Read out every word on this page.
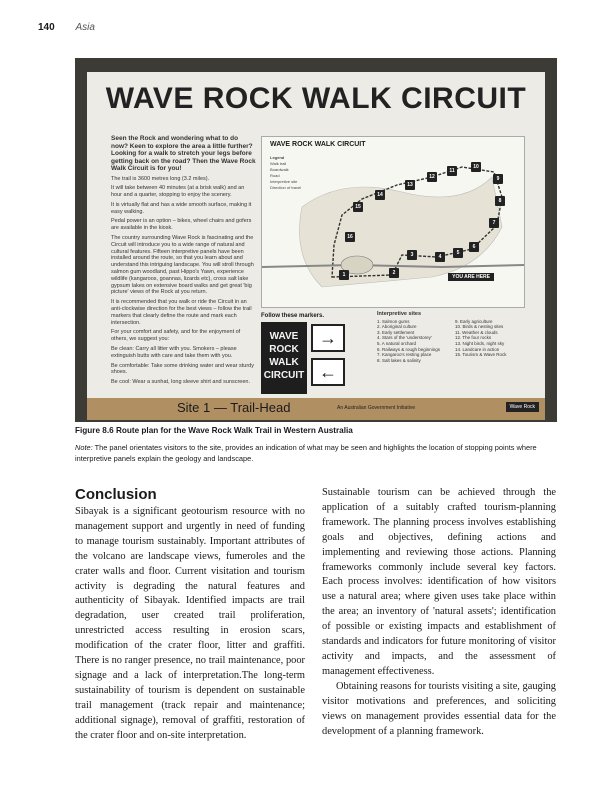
140 Asia
WAVE ROCK WALK CIRCUIT
Seen the Rock and wondering what to do now? Keen to explore the area a little further? Looking for a walk to stretch your legs before getting back on the road? Then the Wave Rock Walk Circuit is for you!

The trail is 3600 metres long (3.2 miles).

It will take between 40 minutes (at a brisk walk) and an hour and a quarter, stopping to enjoy the scenery.

It is virtually flat and has a wide smooth surface, making it easy walking.

Pedal power is an option – bikes, wheel chairs and gofers are available in the kiosk.

The country surrounding Wave Rock is fascinating and the Circuit will introduce you to a wide range of natural and cultural features. Fifteen interpretive panels have been installed around the route, so that you learn about and understand this intriguing landscape. You will stroll through salmon gum woodland, past Hippo's Yawn, experience wildlife (kangaroos, goannas, lizards etc), cross salt lake gypsum lakes on extensive board walks and get great 'big picture' views of the Rock at you return.

It is recommended that you walk or ride the Circuit in an anti-clockwise direction for the best views – follow the trail markers that clearly define the route and mark each intersection.

For your comfort and safety, and for the enjoyment of others, we suggest you:

Be clean: Carry all litter with you. Smokers – please extinguish butts with care and take them with you.

Be comfortable: Take some drinking water and wear sturdy shoes.

Be cool: Wear a sunhat, long sleeve shirt and sunscreen.

WAVE ROCK WALK CIRCUIT
Legend
Walk trail
Boardwalk
Road
Interpretive site
Direction of travel
1	2
3	4
5
6
7
8
9
10
11
12
13
14
15
16
YOU ARE HERE
Follow these markers.
WAVE
ROCK
WALK
CIRCUIT
→
←
Interpretive sites
1. Salmon gums
2. Aboriginal culture
3. Early settlement
4. Stars of the 'understorey'
5. A natural orchard
6. Railways & rough beginnings
7. Kangaroo's resting place
8. Salt lakes & salinity
9. Early agriculture
10. Birds & nesting sites
11. Weather & clouds
12. The four rocks
13. Night birds, night sky
14. Landcare in action
15. Tourism & Wave Rock
Site 1 — Trail-Head	An Australian Government Initiative	Wave Rock
Figure 8.6 Route plan for the Wave Rock Walk Trail in Western Australia
Note: The panel orientates visitors to the site, provides an indication of what may be seen and highlights the location of stopping points where interpretive panels explain the geology and landscape.
Conclusion

Sibayak is a significant geotourism resource with no management support and urgently in need of funding to manage tourism sustainably. Important attributes of the volcano are landscape views, fumeroles and the crater walls and floor. Current visitation and tourism activity is degrading the natural features and authenticity of Sibayak. Identified impacts are trail degradation, user created trail proliferation, unrestricted access resulting in erosion scars, modification of the crater floor, litter and graffiti. There is no ranger presence, no trail maintenance, poor signage and a lack of interpretation.The long-term sustainability of tourism is dependent on sustainable trail management (track repair and maintenance; additional signage), removal of graffiti, restoration of the crater floor and on-site interpretation.

Sustainable tourism can be achieved through the application of a suitably crafted tourism-planning framework. The planning process involves establishing goals and objectives, defining actions and implementing and reviewing those actions. Planning frameworks commonly include several key factors. Each process involves: identification of how visitors use a natural area; where given uses take place within the area; an inventory of 'natural assets'; identification of possible or existing impacts and establishment of standards and indicators for future monitoring of visitor activity and impacts, and the assessment of management effectiveness.

Obtaining reasons for tourists visiting a site, gauging visitor motivations and preferences, and soliciting views on management provides essential data for the development of a planning framework.
